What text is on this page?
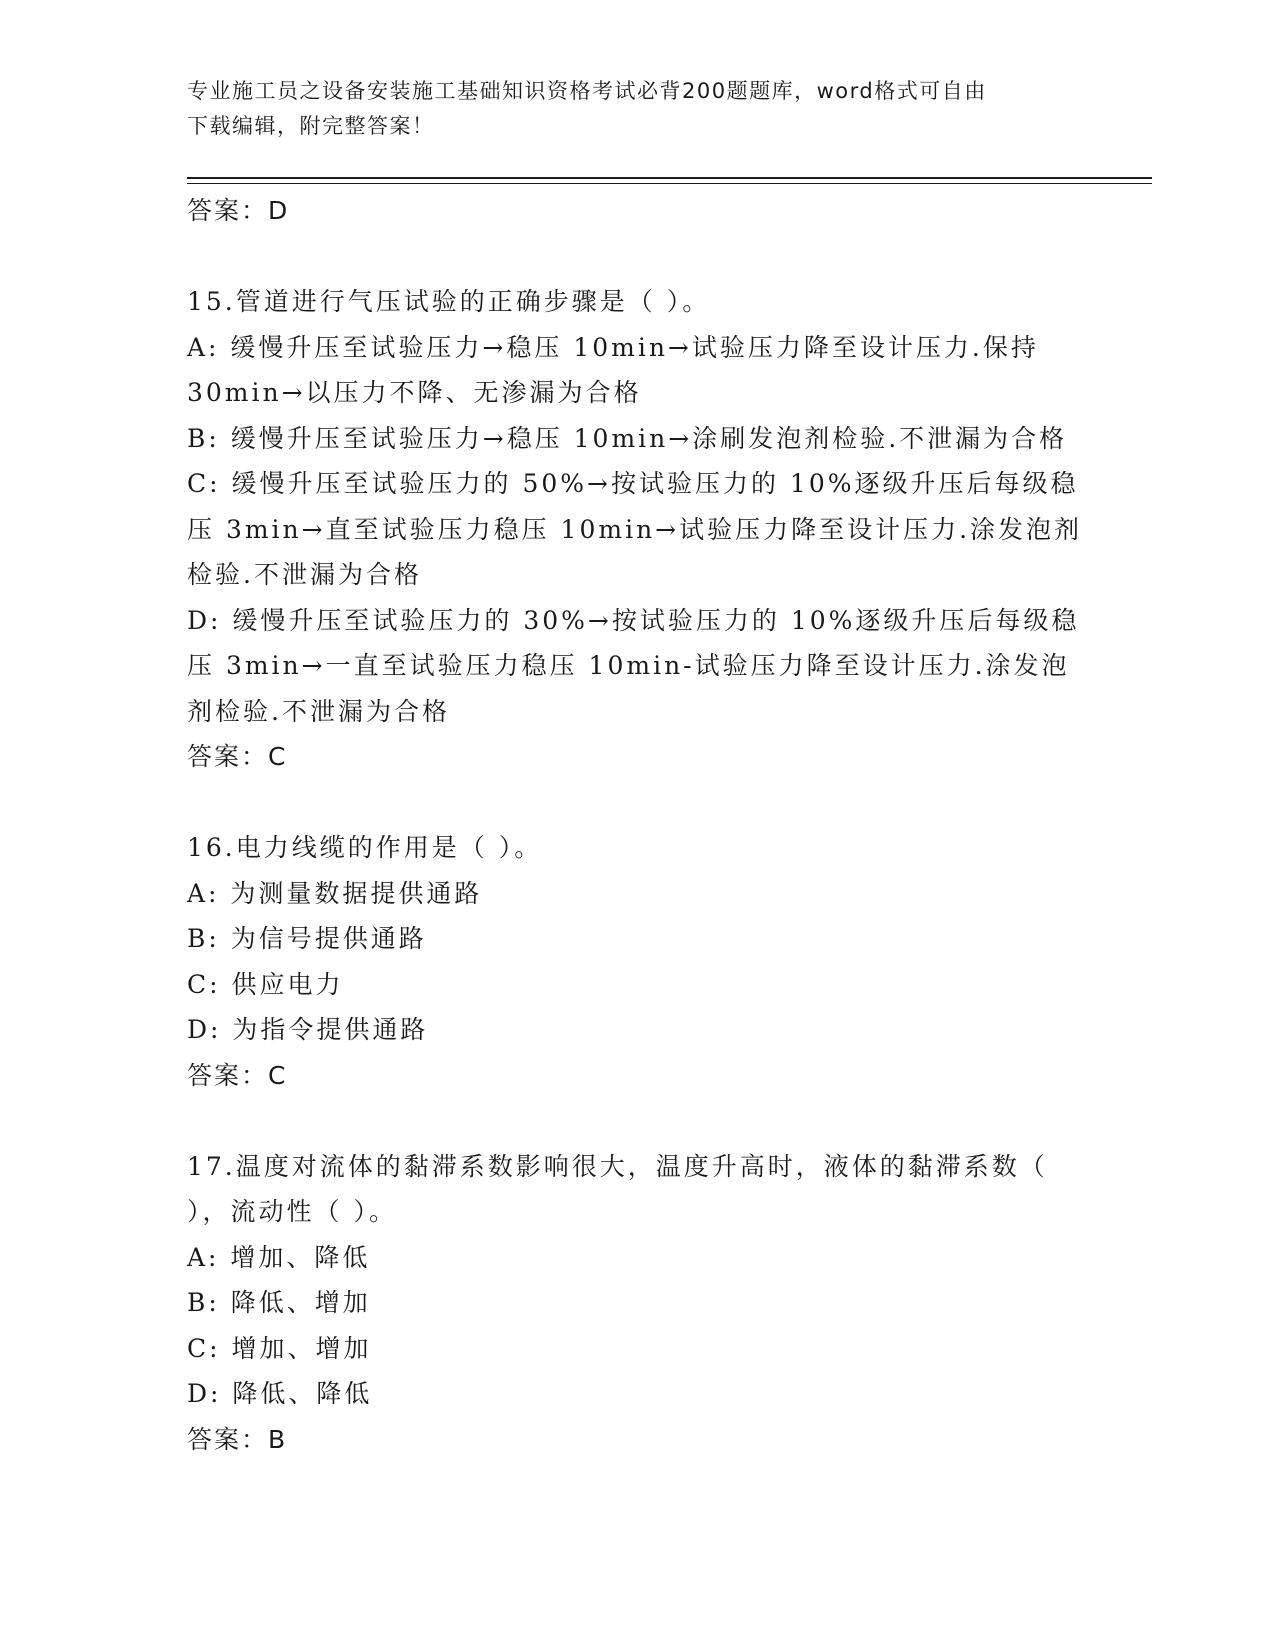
专业施工员之设备安装施工基础知识资格考试必背200题题库，word格式可自由
下载编辑，附完整答案！
答案：D
15.管道进行气压试验的正确步骤是（ ）。
A: 缓慢升压至试验压力→稳压 10min→试验压力降至设计压力.保持
30min→以压力不降、无渗漏为合格
B: 缓慢升压至试验压力→稳压 10min→涂刷发泡剂检验.不泄漏为合格
C: 缓慢升压至试验压力的 50%→按试验压力的 10%逐级升压后每级稳
压 3min→直至试验压力稳压 10min→试验压力降至设计压力.涂发泡剂
检验.不泄漏为合格
D: 缓慢升压至试验压力的 30%→按试验压力的 10%逐级升压后每级稳
压 3min→一直至试验压力稳压 10min-试验压力降至设计压力.涂发泡
剂检验.不泄漏为合格
答案：C
16.电力线缆的作用是（ ）。
A: 为测量数据提供通路
B: 为信号提供通路
C: 供应电力
D: 为指令提供通路
答案：C
17.温度对流体的黏滞系数影响很大，温度升高时，液体的黏滞系数（
），流动性（ ）。
A: 增加、降低
B: 降低、增加
C: 增加、增加
D: 降低、降低
答案：B
